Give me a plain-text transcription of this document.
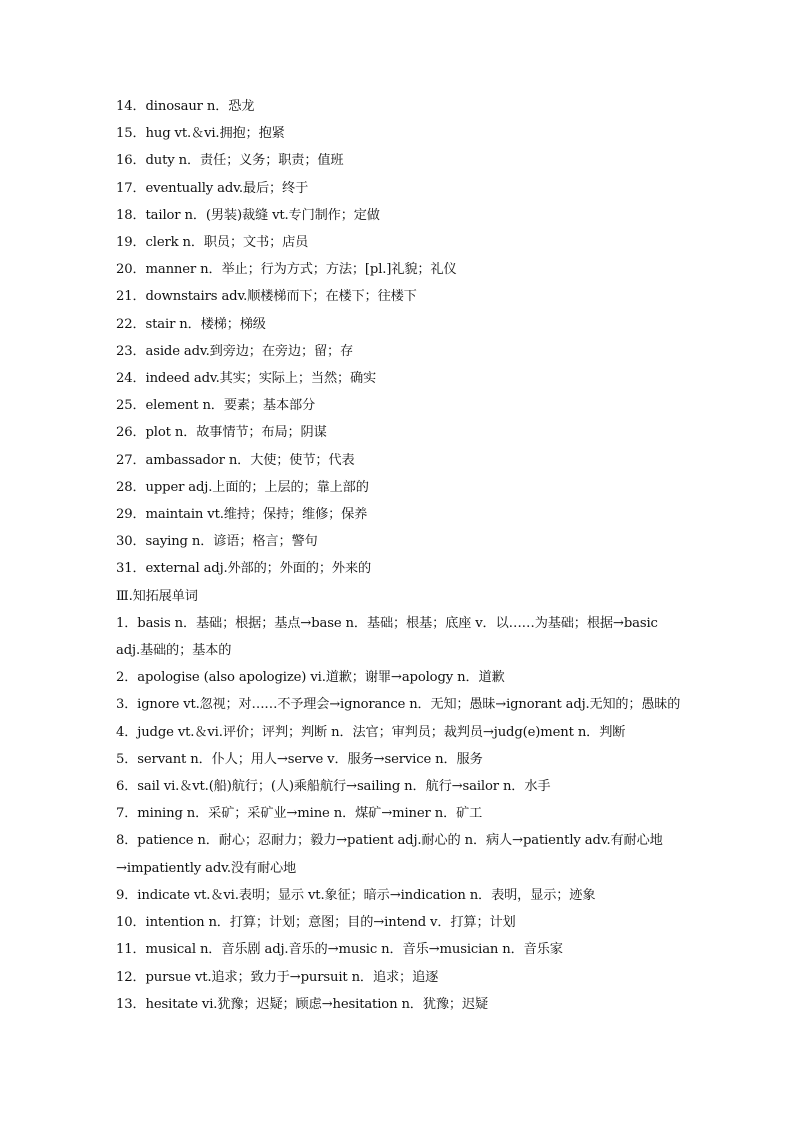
14．dinosaur n．恐龙
15．hug vt.＆vi.拥抱；抱紧
16．duty n．责任；义务；职责；值班
17．eventually adv.最后；终于
18．tailor n．(男装)裁缝 vt.专门制作；定做
19．clerk n．职员；文书；店员
20．manner n．举止；行为方式；方法；[pl.]礼貌；礼仪
21．downstairs adv.顺楼梯而下；在楼下；往楼下
22．stair n．楼梯；梯级
23．aside adv.到旁边；在旁边；留；存
24．indeed adv.其实；实际上；当然；确实
25．element n．要素；基本部分
26．plot n．故事情节；布局；阴谋
27．ambassador n．大使；使节；代表
28．upper adj.上面的；上层的；靠上部的
29．maintain vt.维持；保持；维修；保养
30．saying n．谚语；格言；警句
31．external adj.外部的；外面的；外来的
Ⅲ.知拓展单词
1．basis n．基础；根据；基点→base n．基础；根基；底座 v．以……为基础；根据→basic
adj.基础的；基本的
2．apologise (also apologize) vi.道歉；谢罪→apology n．道歉
3．ignore vt.忽视；对……不予理会→ignorance n．无知；愚昧→ignorant adj.无知的；愚昧的
4．judge vt.＆vi.评价；评判；判断 n．法官；审判员；裁判员→judg(e)ment n．判断
5．servant n．仆人；用人→serve v．服务→service n．服务
6．sail vi.＆vt.(船)航行；(人)乘船航行→sailing n．航行→sailor n．水手
7．mining n．采矿；采矿业→mine n．煤矿→miner n．矿工
8．patience n．耐心；忍耐力；毅力→patient adj.耐心的 n．病人→patiently adv.有耐心地
→impatiently adv.没有耐心地
9．indicate vt.＆vi.表明；显示 vt.象征；暗示→indication n．表明，显示；迹象
10．intention n．打算；计划；意图；目的→intend v．打算；计划
11．musical n．音乐剧 adj.音乐的→music n．音乐→musician n．音乐家
12．pursue vt.追求；致力于→pursuit n．追求；追逐
13．hesitate vi.犹豫；迟疑；顾虑→hesitation n．犹豫；迟疑
